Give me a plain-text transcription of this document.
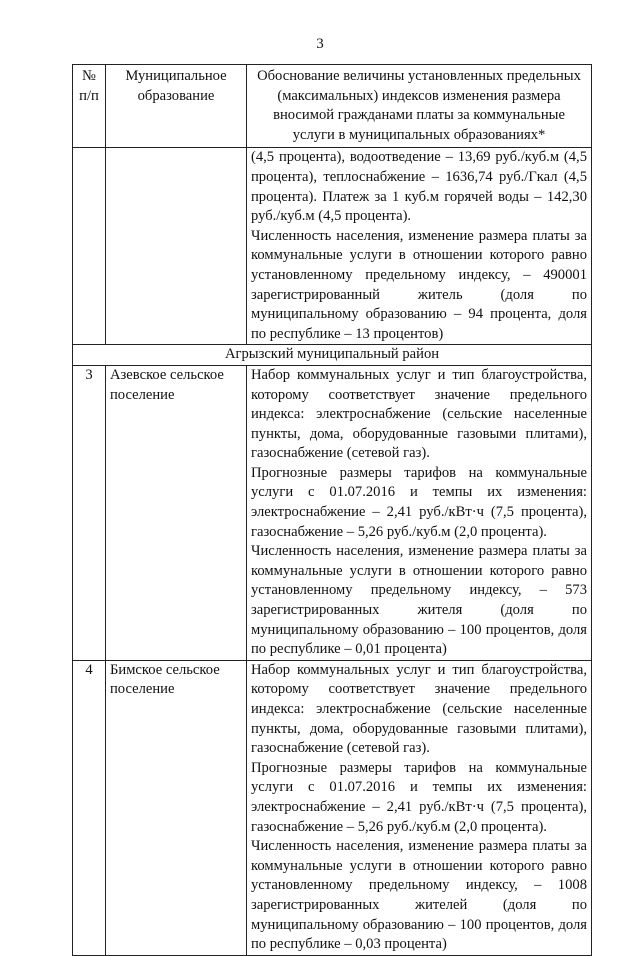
3
№ п/п	Муниципальное образование	Обоснование величины установленных предельных (максимальных) индексов изменения размера вносимой гражданами платы за коммунальные услуги в муниципальных образованиях*

		(4,5 процента), водоотведение – 13,69 руб./куб.м (4,5 процента), теплоснабжение – 1636,74 руб./Гкал (4,5 процента). Платеж за 1 куб.м горячей воды – 142,30 руб./куб.м (4,5 процента).
Численность населения, изменение размера платы за коммунальные услуги в отношении которого равно установленному предельному индексу, – 490001 зарегистрированный житель (доля по муниципальному образованию – 94 процента, доля по республике – 13 процентов)

Агрызский муниципальный район		
3	Азевское сельское поселение	Набор коммунальных услуг и тип благоустройства, которому соответствует значение предельного индекса: электроснабжение (сельские населенные пункты, дома, оборудованные газовыми плитами), газоснабжение (сетевой газ).
Прогнозные размеры тарифов на коммунальные услуги с 01.07.2016 и темпы их изменения: электроснабжение – 2,41 руб./кВт·ч (7,5 процента), газоснабжение – 5,26 руб./куб.м (2,0 процента).
Численность населения, изменение размера платы за коммунальные услуги в отношении которого равно установленному предельному индексу, – 573 зарегистрированных жителя (доля по муниципальному образованию – 100 процентов, доля по республике – 0,01 процента)

4	Бимское сельское поселение	Набор коммунальных услуг и тип благоустройства, которому соответствует значение предельного индекса: электроснабжение (сельские населенные пункты, дома, оборудованные газовыми плитами), газоснабжение (сетевой газ).
Прогнозные размеры тарифов на коммунальные услуги с 01.07.2016 и темпы их изменения: электроснабжение – 2,41 руб./кВт·ч (7,5 процента), газоснабжение – 5,26 руб./куб.м (2,0 процента).
Численность населения, изменение размера платы за коммунальные услуги в отношении которого равно установленному предельному индексу, – 1008 зарегистрированных жителей (доля по муниципальному образованию – 100 процентов, доля по республике – 0,03 процента)
